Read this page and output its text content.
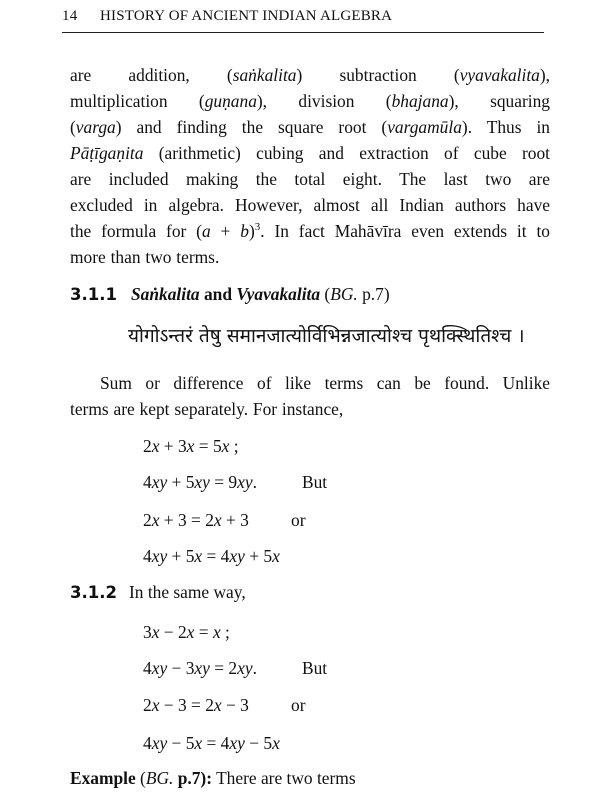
14 HISTORY OF ANCIENT INDIAN ALGEBRA

are addition, (saṅkalita) subtraction (vyavakalita),

multiplication (guṇana), division (bhajana), squaring

(varga) and finding the square root (vargamūla). Thus in

Pāṭīgaṇita (arithmetic) cubing and extraction of cube root

are included making the total eight. The last two are

excluded in algebra. However, almost all Indian authors have

the formula for $(a + b)^3$. In fact Mahāvīra even extends it to

more than two terms.

3.1.1 Saṅkalita and Vyavakalita (BG. p.7)
योगोऽन्तरं तेषु समानजात्योर्विभिन्नजात्योश्च पृथक्स्थितिश्च ।

Sum or difference of like terms can be found. Unlike

terms are kept separately. For instance,

2x + 3x = 5x ;
4xy + 5xy = 9xy.	But
2x + 3 = 2x + 3 or
4xy + 5x = 4xy + 5x
3.1.2 In the same way,
3x − 2x = x ;
4xy − 3xy = 2xy.	But
2x − 3 = 2x − 3 or
4xy − 5x = 4xy − 5x
Example (BG. p.7): There are two terms
